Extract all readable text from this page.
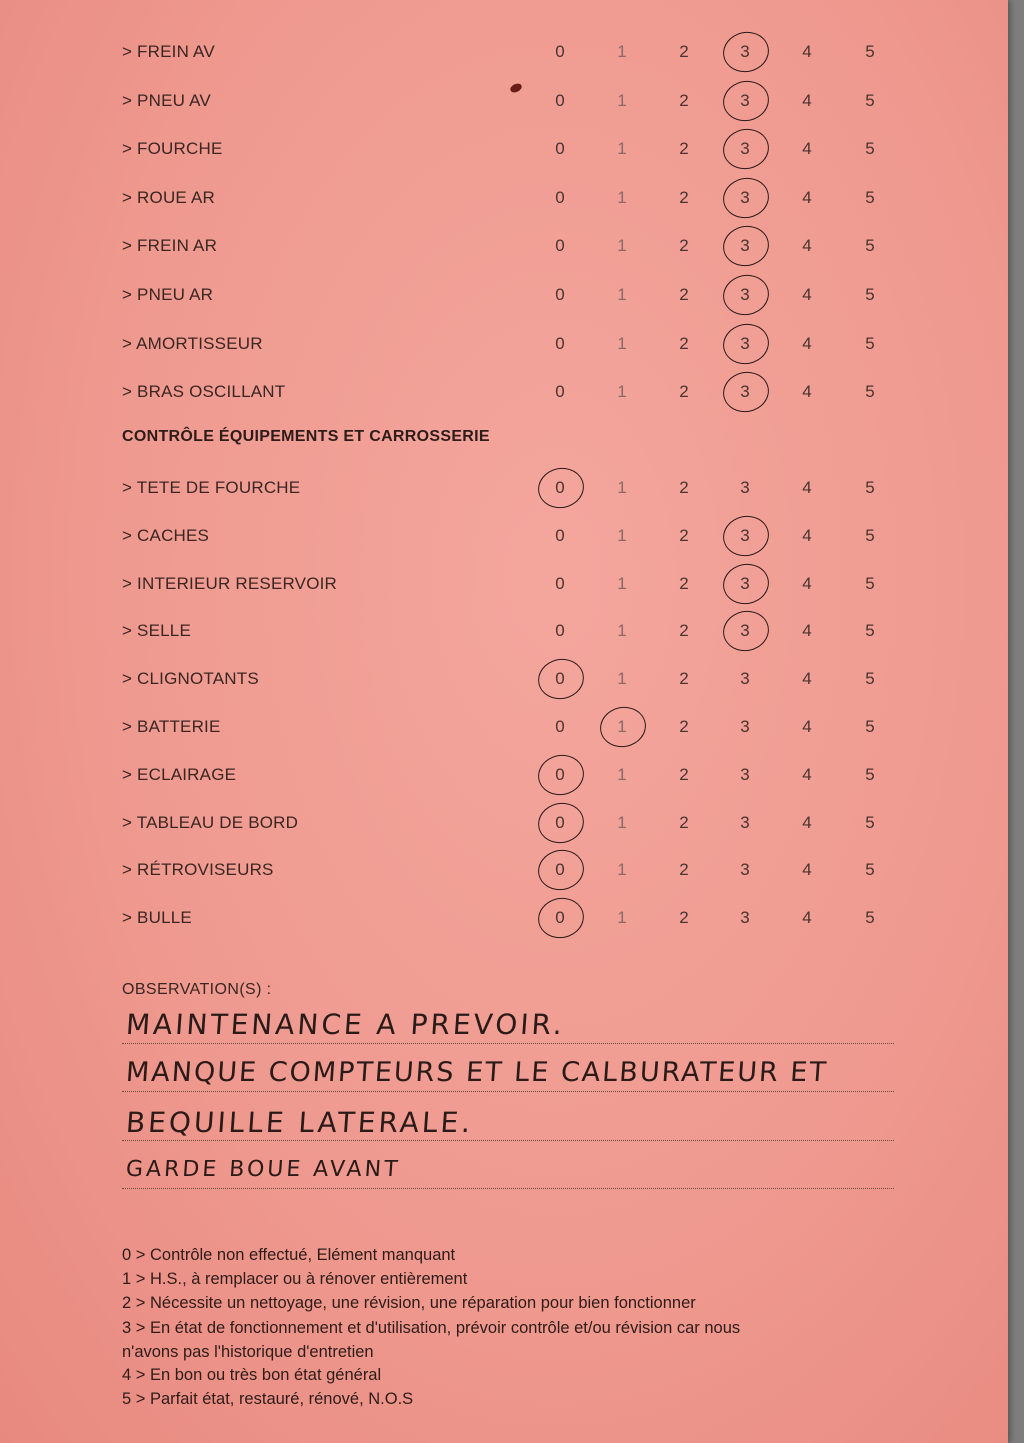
> FREIN AV	0	1	2	3	4	5
> PNEU AV	0	1	2	3	4	5
> FOURCHE	0	1	2	3	4	5
> ROUE AR	0	1	2	3	4	5
> FREIN AR	0	1	2	3	4	5
> PNEU AR	0	1	2	3	4	5
> AMORTISSEUR	0	1	2	3	4	5
> BRAS OSCILLANT	0	1	2	3	4	5
CONTRÔLE ÉQUIPEMENTS ET CARROSSERIE
> TETE DE FOURCHE	0	1	2	3	4	5
> CACHES	0	1	2	3	4	5
> INTERIEUR RESERVOIR	0	1	2	3	4	5
> SELLE	0	1	2	3	4	5
> CLIGNOTANTS	0	1	2	3	4	5
> BATTERIE	0	1	2	3	4	5
> ECLAIRAGE	0	1	2	3	4	5
> TABLEAU DE BORD	0	1	2	3	4	5
> RÉTROVISEURS	0	1	2	3	4	5
> BULLE	0	1	2	3	4	5
OBSERVATION(S) :
MAINTENANCE A PREVOIR.
MANQUE COMPTEURS ET LE CALBURATEUR ET
BEQUILLE LATERALE.
GARDE BOUE AVANT
0 > Contrôle non effectué, Elément manquant
1 > H.S., à remplacer ou à rénover entièrement
2 > Nécessite un nettoyage, une révision, une réparation pour bien fonctionner
3 > En état de fonctionnement et d'utilisation, prévoir contrôle et/ou révision car nous
n'avons pas l'historique d'entretien
4 > En bon ou très bon état général
5 > Parfait état, restauré, rénové, N.O.S
